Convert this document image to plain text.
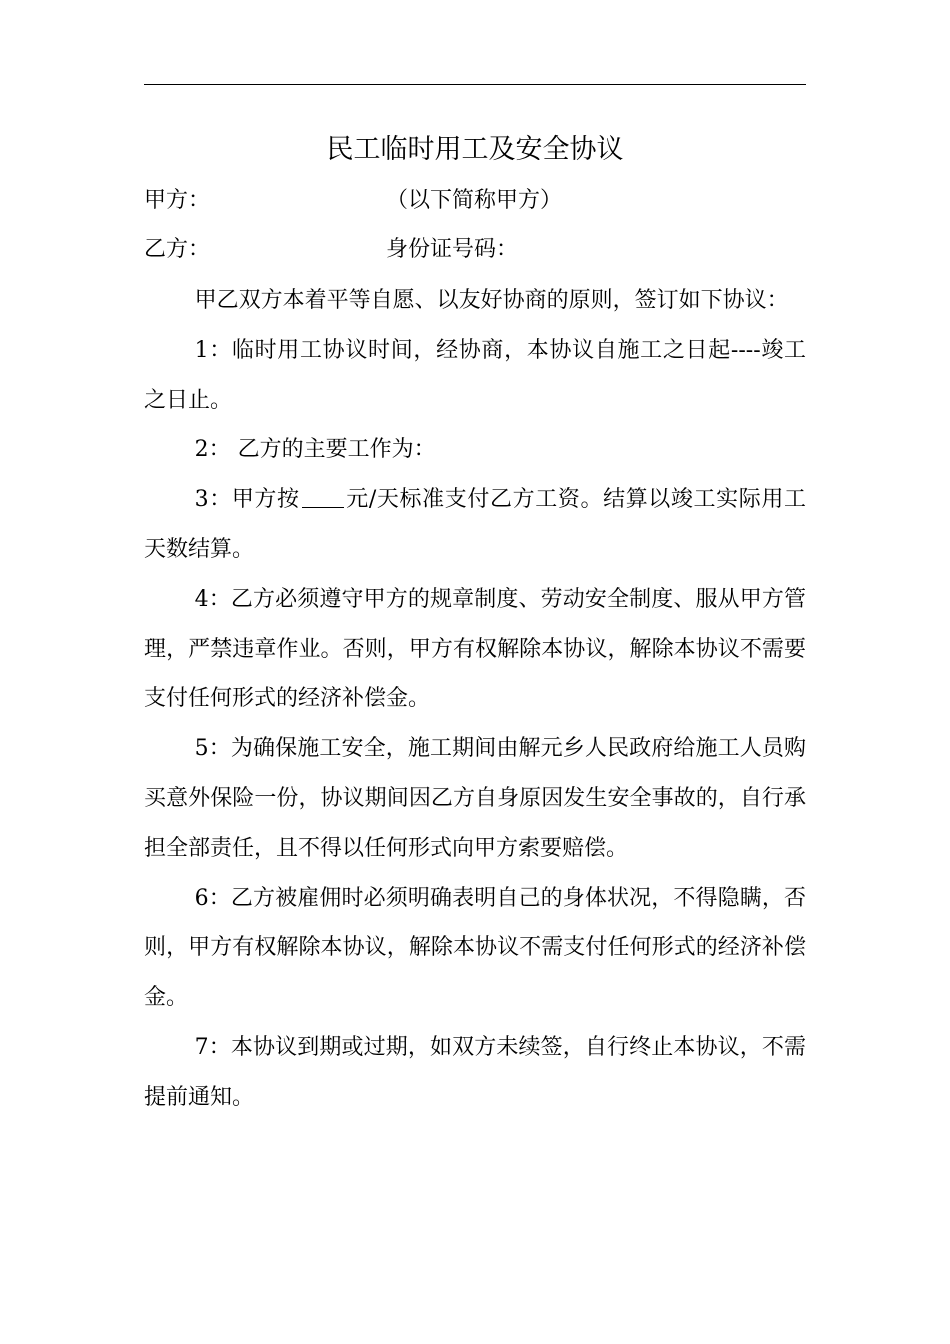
民工临时用工及安全协议
甲方：	（以下简称甲方）
乙方：	身份证号码：

甲乙双方本着平等自愿、以友好协商的原则，签订如下协议：

1：临时用工协议时间，经协商，本协议自施工之日起----竣工之日止。

2： 乙方的主要工作为：

3：甲方按 元/天标准支付乙方工资。结算以竣工实际用工天数结算。

4：乙方必须遵守甲方的规章制度、劳动安全制度、服从甲方管理，严禁违章作业。否则，甲方有权解除本协议，解除本协议不需要支付任何形式的经济补偿金。

5：为确保施工安全，施工期间由解元乡人民政府给施工人员购买意外保险一份，协议期间因乙方自身原因发生安全事故的，自行承担全部责任，且不得以任何形式向甲方索要赔偿。

6：乙方被雇佣时必须明确表明自己的身体状况，不得隐瞒，否则，甲方有权解除本协议，解除本协议不需支付任何形式的经济补偿金。

7：本协议到期或过期，如双方未续签，自行终止本协议，不需提前通知。
